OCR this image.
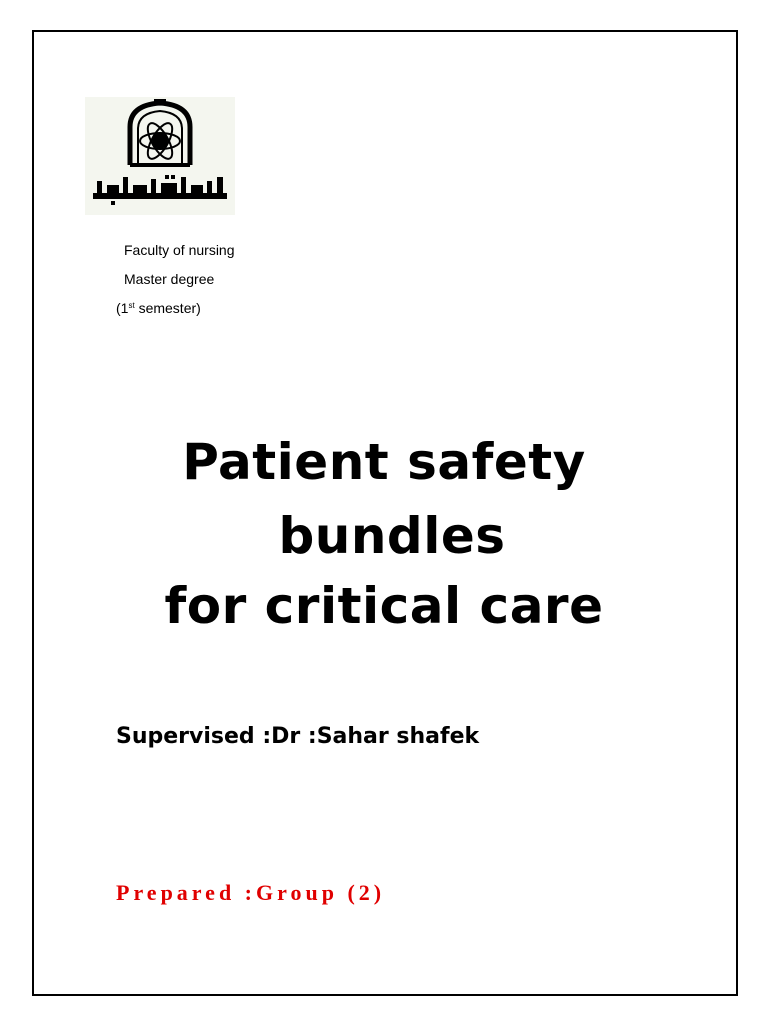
Faculty of nursing
Master degree
(1st semester)
Patient safety
bundles
for critical care
Supervised :Dr :Sahar shafek
Prepared :Group (2)
